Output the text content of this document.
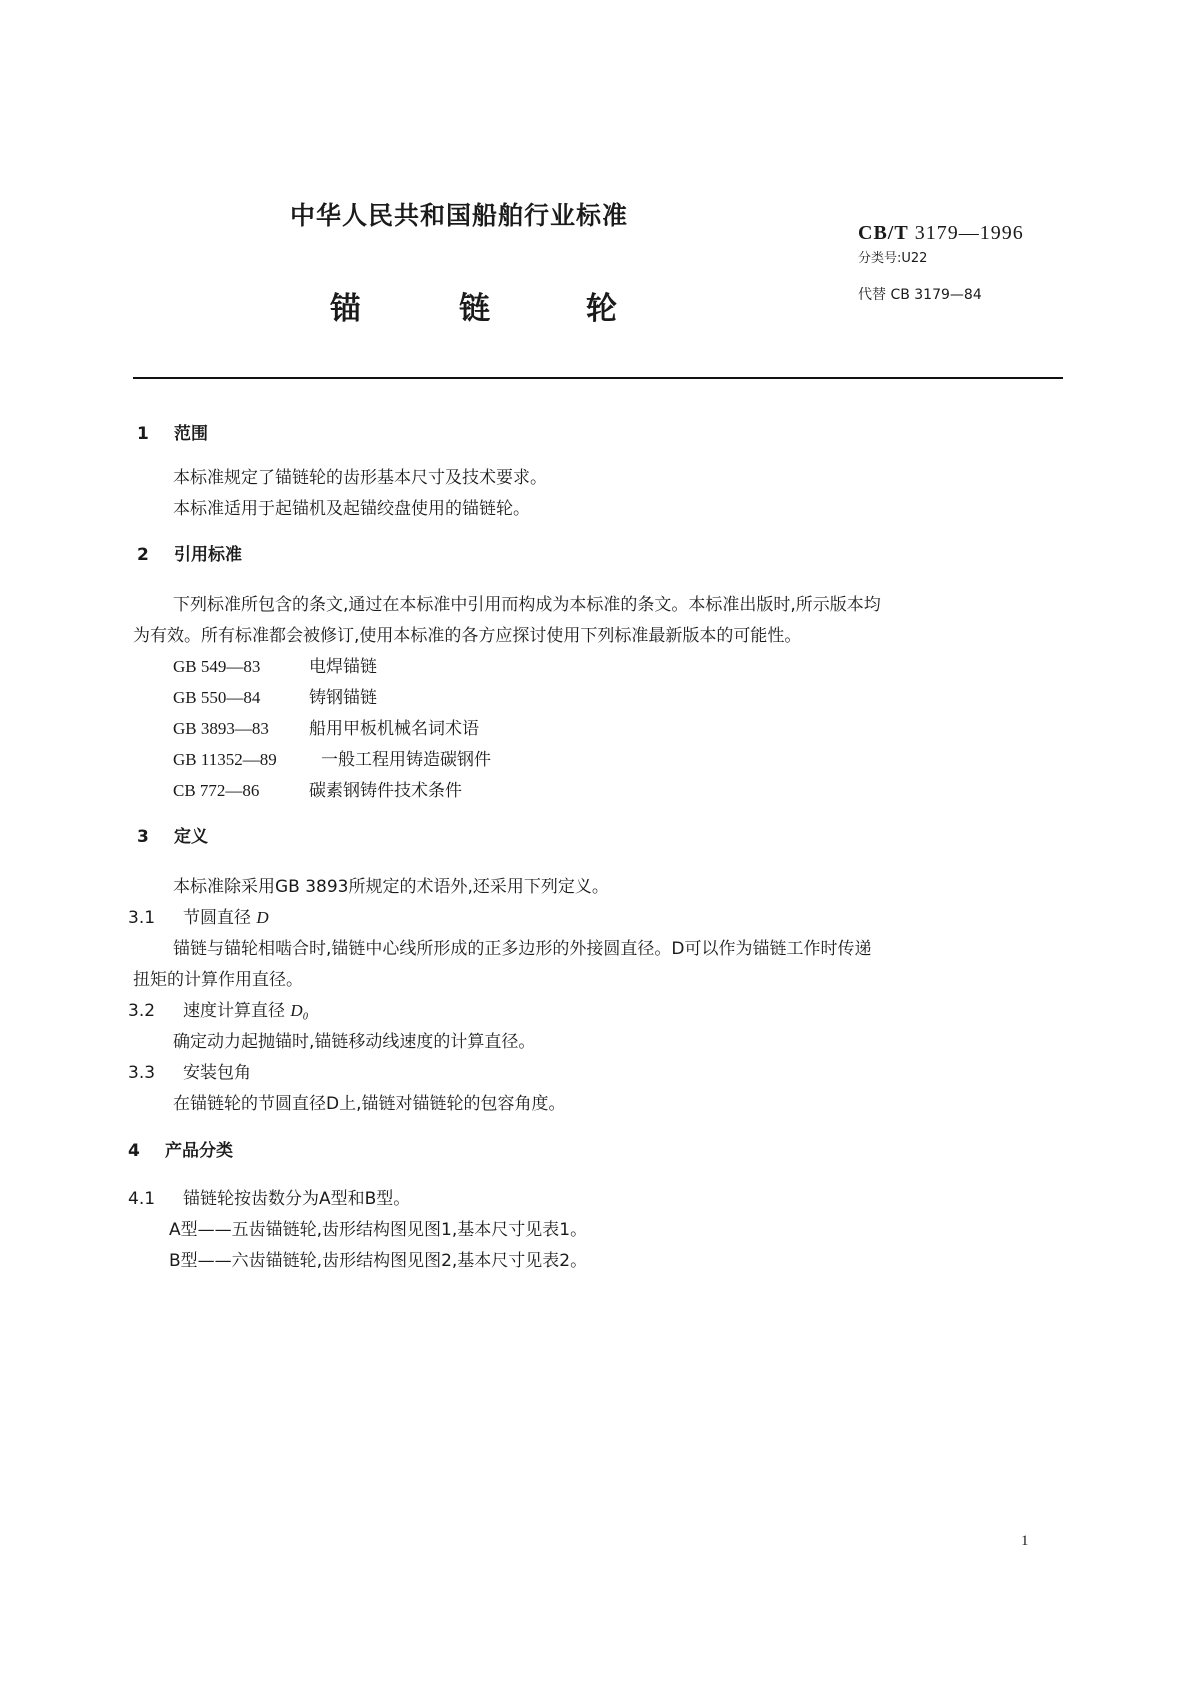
中华人民共和国船舶行业标准
锚	链	轮
CB/T 3179—1996
分类号:U22
代替 CB 3179—84
1 范围
本标准规定了锚链轮的齿形基本尺寸及技术要求。
本标准适用于起锚机及起锚绞盘使用的锚链轮。
2 引用标准
下列标准所包含的条文,通过在本标准中引用而构成为本标准的条文。本标准出版时,所示版本均
为有效。所有标准都会被修订,使用本标准的各方应探讨使用下列标准最新版本的可能性。
GB 549—83	电焊锚链
GB 550—84	铸钢锚链
GB 3893—83 船用甲板机械名词术语
GB 11352—89	一般工程用铸造碳钢件
CB 772—86	碳素钢铸件技术条件
3 定义
本标准除采用GB 3893所规定的术语外,还采用下列定义。
3.1 节圆直径 D
锚链与锚轮相啮合时,锚链中心线所形成的正多边形的外接圆直径。D可以作为锚链工作时传递
扭矩的计算作用直径。
3.2 速度计算直径 D₀
确定动力起抛锚时,锚链移动线速度的计算直径。
3.3 安装包角
在锚链轮的节圆直径D上,锚链对锚链轮的包容角度。
4 产品分类
4.1 锚链轮按齿数分为A型和B型。
A型——五齿锚链轮,齿形结构图见图1,基本尺寸见表1。
B型——六齿锚链轮,齿形结构图见图2,基本尺寸见表2。
1
